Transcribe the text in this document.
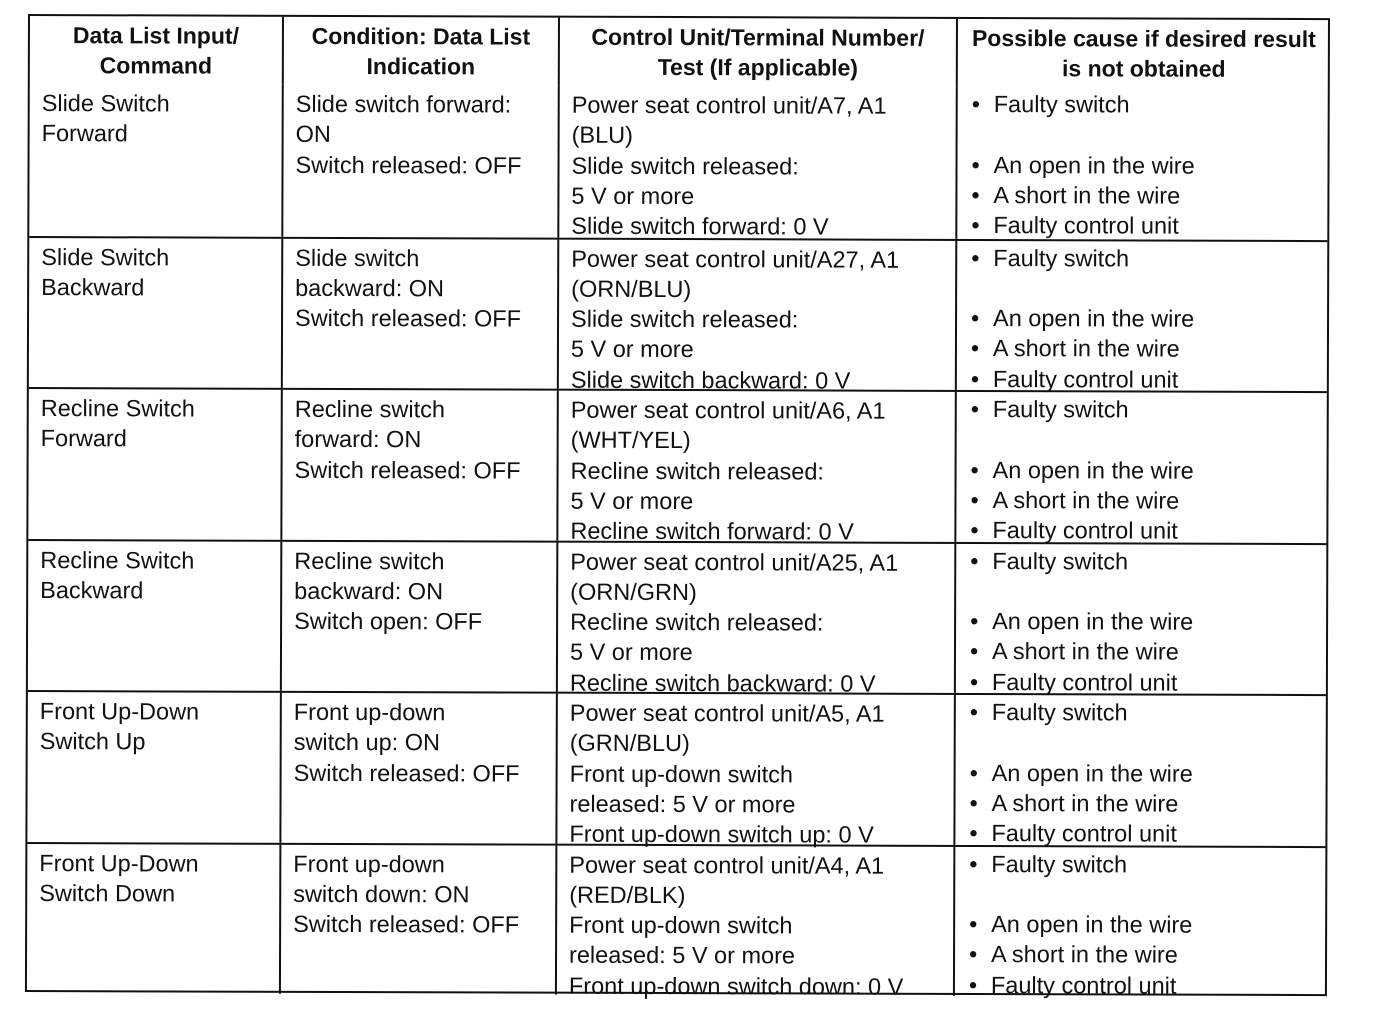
Data List Input/ Command
Condition: Data List Indication
Control Unit/Terminal Number/ Test (If applicable)
Possible cause if desired result is not obtained
Slide Switch
Forward
Slide switch forward:
ON
Switch released: OFF
Power seat control unit/A7, A1
(BLU)
Slide switch released:
5 V or more
Slide switch forward: 0 V
• Faulty switch
• An open in the wire
• A short in the wire
• Faulty control unit
Slide Switch
Backward
Slide switch
backward: ON
Switch released: OFF
Power seat control unit/A27, A1
(ORN/BLU)
Slide switch released:
5 V or more
Slide switch backward: 0 V
• Faulty switch
• An open in the wire
• A short in the wire
• Faulty control unit
Recline Switch
Forward
Recline switch
forward: ON
Switch released: OFF
Power seat control unit/A6, A1
(WHT/YEL)
Recline switch released:
5 V or more
Recline switch forward: 0 V
• Faulty switch
• An open in the wire
• A short in the wire
• Faulty control unit
Recline Switch
Backward
Recline switch
backward: ON
Switch open: OFF
Power seat control unit/A25, A1
(ORN/GRN)
Recline switch released:
5 V or more
Recline switch backward: 0 V
• Faulty switch
• An open in the wire
• A short in the wire
• Faulty control unit
Front Up-Down
Switch Up
Front up-down
switch up: ON
Switch released: OFF
Power seat control unit/A5, A1
(GRN/BLU)
Front up-down switch
released: 5 V or more
Front up-down switch up: 0 V
• Faulty switch
• An open in the wire
• A short in the wire
• Faulty control unit
Front Up-Down
Switch Down
Front up-down
switch down: ON
Switch released: OFF
Power seat control unit/A4, A1
(RED/BLK)
Front up-down switch
released: 5 V or more
Front up-down switch down: 0 V
• Faulty switch
• An open in the wire
• A short in the wire
• Faulty control unit
